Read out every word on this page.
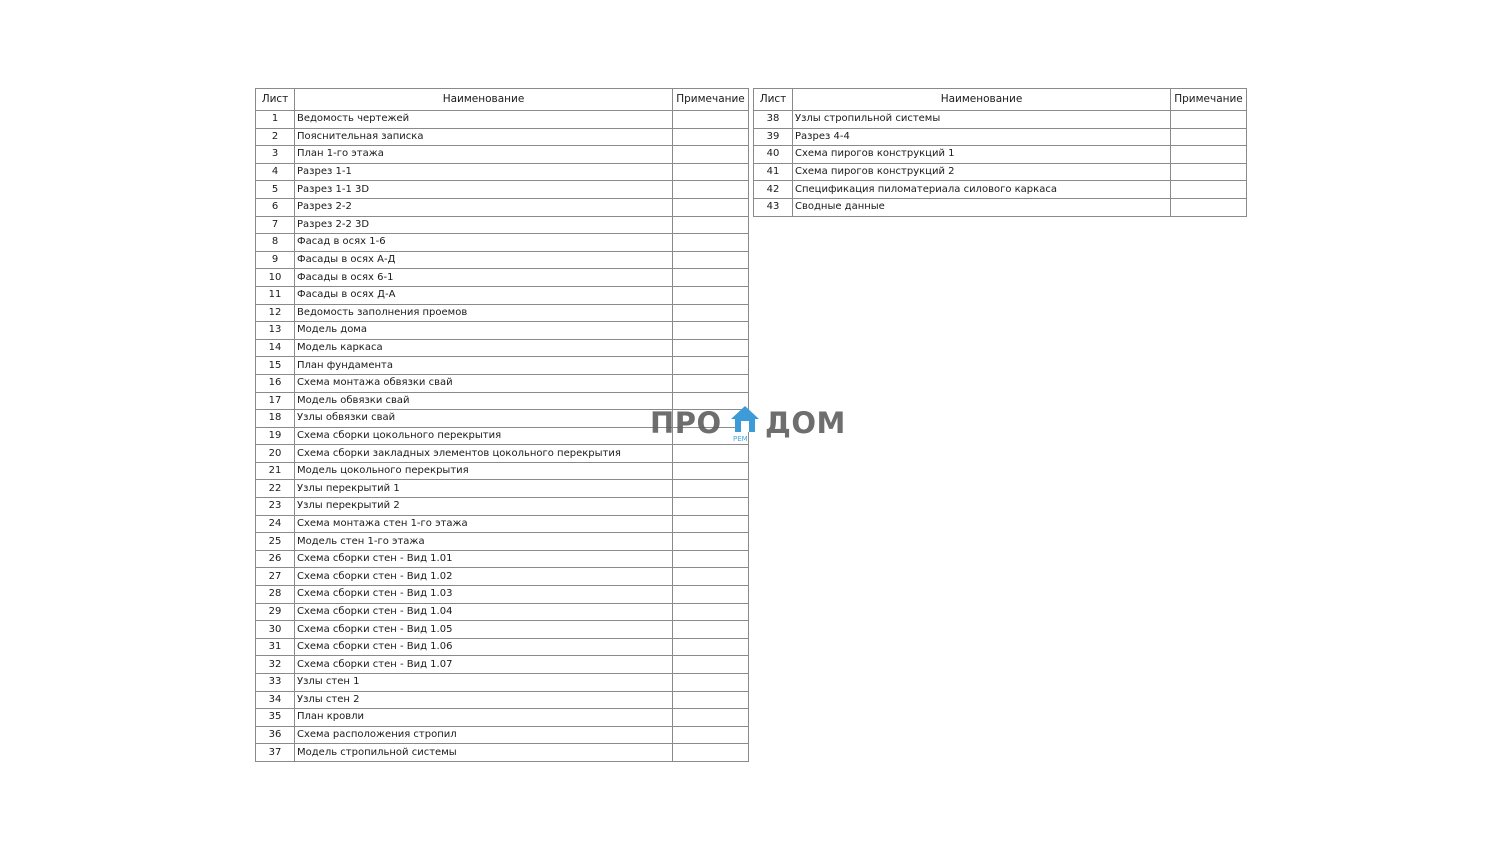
Лист	Наименование	Примечание
1	Ведомость чертежей	
2	Пояснительная записка	
3	План 1-го этажа	
4	Разрез 1-1	
5	Разрез 1-1 3D	
6	Разрез 2-2	
7	Разрез 2-2 3D	
8	Фасад в осях 1-6	
9	Фасады в осях А-Д	
10	Фасады в осях 6-1	
11	Фасады в осях Д-А	
12	Ведомость заполнения проемов	
13	Модель дома	
14	Модель каркаса	
15	План фундамента	
16	Схема монтажа обвязки свай	
17	Модель обвязки свай	
18	Узлы обвязки свай	
19	Схема сборки цокольного перекрытия	
20	Схема сборки закладных элементов цокольного перекрытия	
21	Модель цокольного перекрытия	
22	Узлы перекрытий 1	
23	Узлы перекрытий 2	
24	Схема монтажа стен 1-го этажа	
25	Модель стен 1-го этажа	
26	Схема сборки стен - Вид 1.01	
27	Схема сборки стен - Вид 1.02	
28	Схема сборки стен - Вид 1.03	
29	Схема сборки стен - Вид 1.04	
30	Схема сборки стен - Вид 1.05	
31	Схема сборки стен - Вид 1.06	
32	Схема сборки стен - Вид 1.07	
33	Узлы стен 1	
34	Узлы стен 2	
35	План кровли	
36	Схема расположения стропил	
37	Модель стропильной системы	
Лист	Наименование	Примечание
38	Узлы стропильной системы	
39	Разрез 4-4	
40	Схема пирогов конструкций 1	
41	Схема пирогов конструкций 2	
42	Спецификация пиломатериала силового каркаса	
43	Сводные данные	
ПРО РЕМ ДОМ
